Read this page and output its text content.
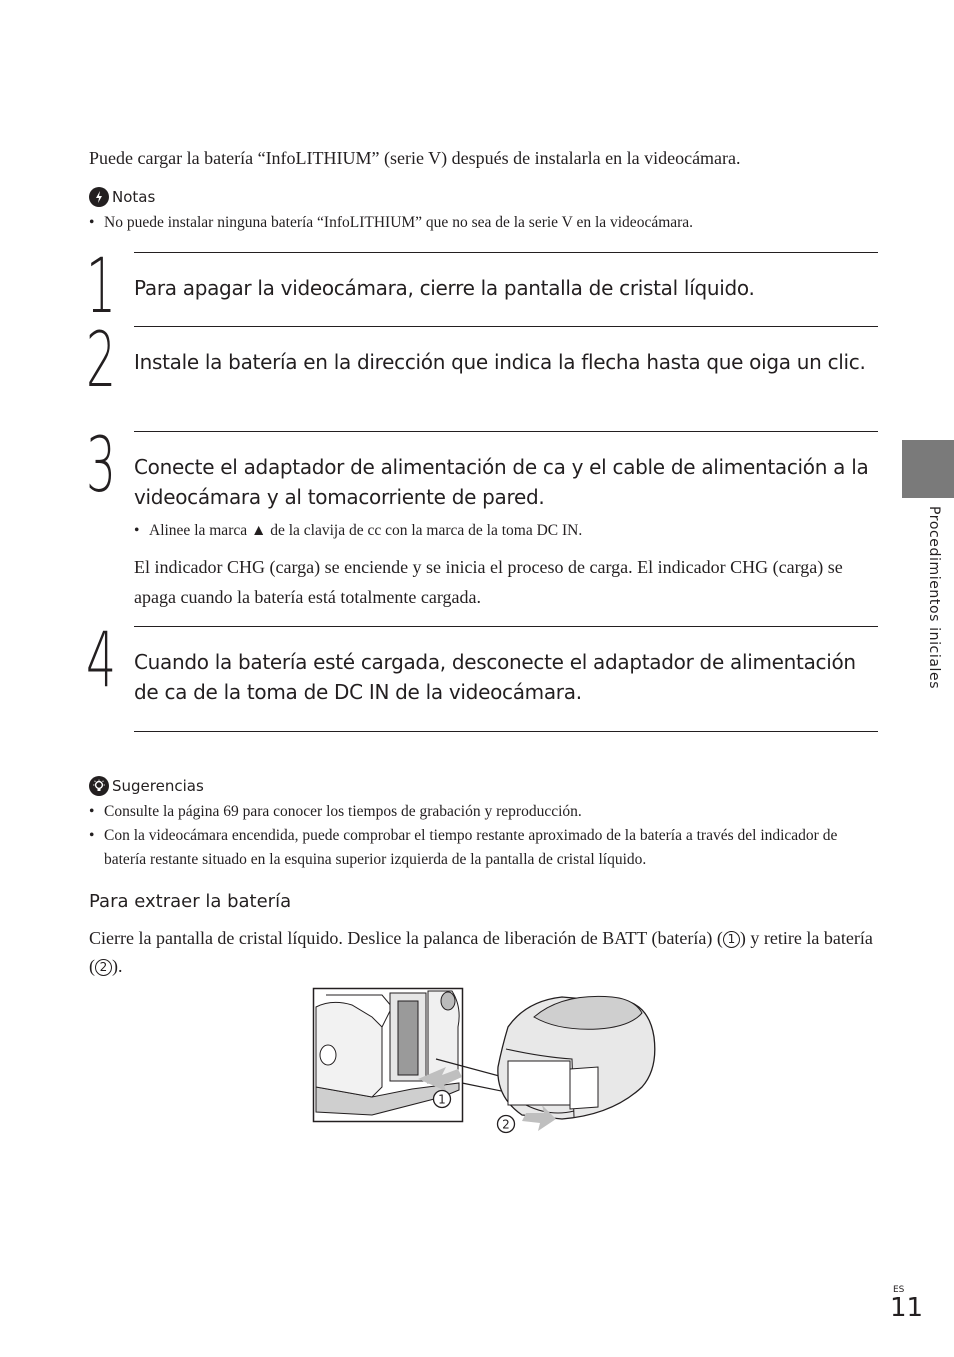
Puede cargar la batería “InfoLITHIUM” (serie V) después de instalarla en la videocámara.
Notas
• No puede instalar ninguna batería “InfoLITHIUM” que no sea de la serie V en la videocámara.
1 Para apagar la videocámara, cierre la pantalla de cristal líquido.
2 Instale la batería en la dirección que indica la flecha hasta que oiga un clic.
3 Conecte el adaptador de alimentación de ca y el cable de alimentación a la videocámara y al tomacorriente de pared.
• Alinee la marca ▲ de la clavija de cc con la marca de la toma DC IN.
El indicador CHG (carga) se enciende y se inicia el proceso de carga. El indicador CHG (carga) se apaga cuando la batería está totalmente cargada.
4 Cuando la batería esté cargada, desconecte el adaptador de alimentación de ca de la toma de DC IN de la videocámara.
Sugerencias
• Consulte la página 69 para conocer los tiempos de grabación y reproducción.
• Con la videocámara encendida, puede comprobar el tiempo restante aproximado de la batería a través del indicador de batería restante situado en la esquina superior izquierda de la pantalla de cristal líquido.
Para extraer la batería
Cierre la pantalla de cristal líquido. Deslice la palanca de liberación de BATT (batería) ( 1 ) y retire la batería ( 2 ).
1
2
Procedimientos iniciales
ES
11
